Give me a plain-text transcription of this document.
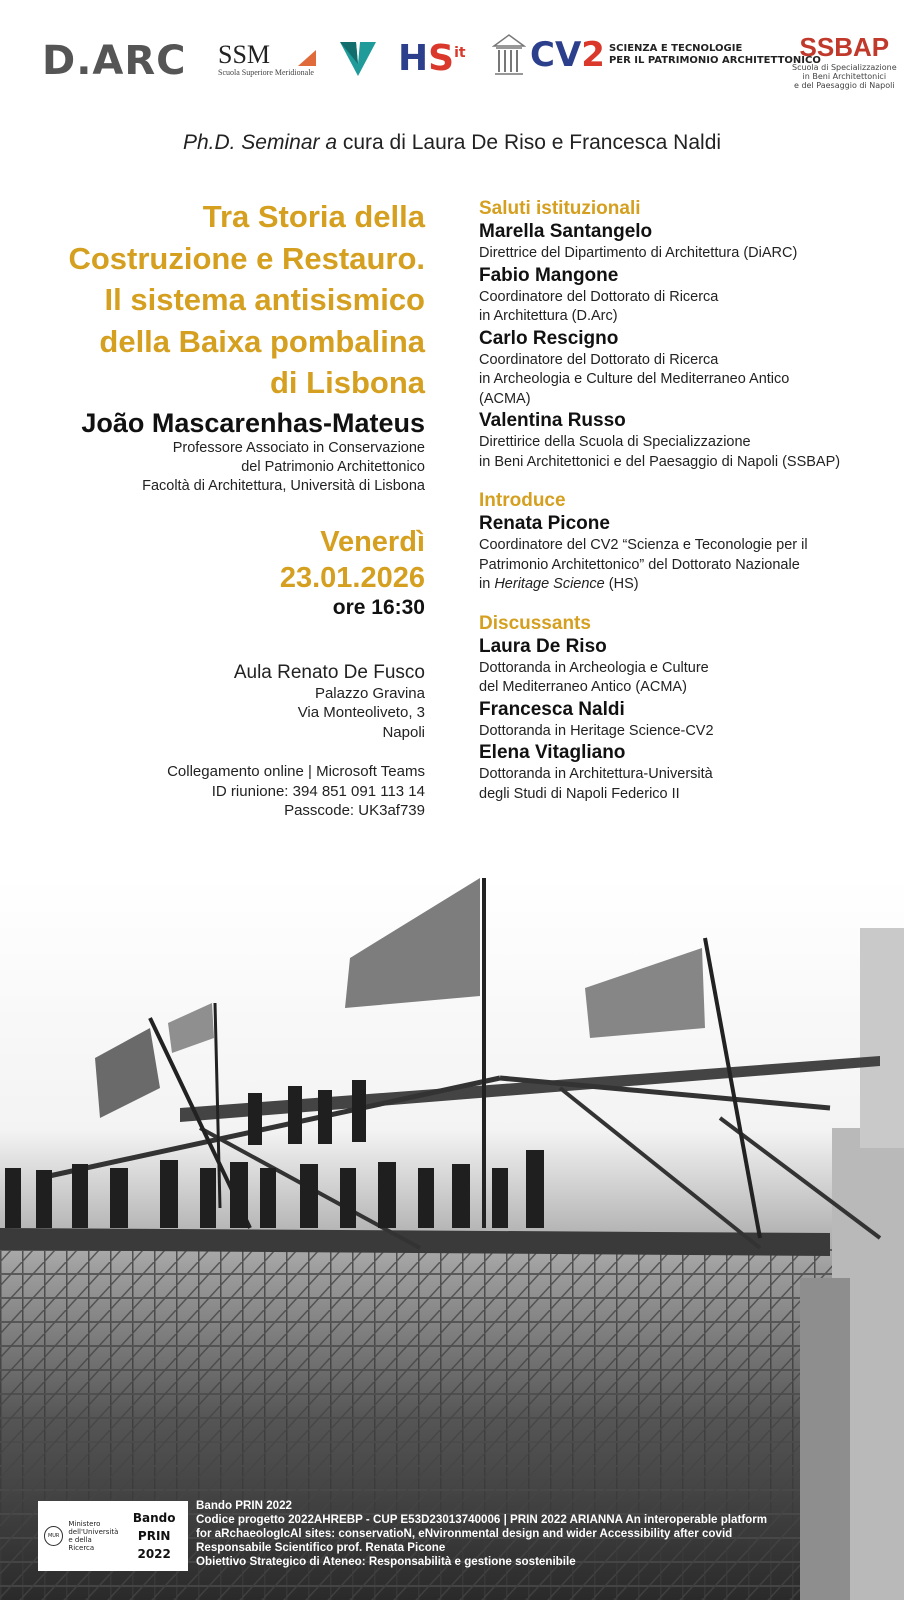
D.ARC SSM
Scuola Superiore Meridionale $HS^{it}$ CV2 SCIENZA E TECNOLOGIE
PER IL PATRIMONIO ARCHITETTONICO
SSBAP
Scuola di Specializzazione
in Beni Architettonici
e del Paesaggio di Napoli
Ph.D. Seminar a cura di Laura De Riso e Francesca Naldi
Tra Storia della
Costruzione e Restauro.
Il sistema antisismico
della Baixa pombalina
di Lisbona
João Mascarenhas-Mateus
Professore Associato in Conservazione
del Patrimonio Architettonico
Facoltà di Architettura, Università di Lisbona
Venerdì
23.01.2026
ore 16:30
Aula Renato De Fusco
Palazzo Gravina
Via Monteoliveto, 3
Napoli
Collegamento online | Microsoft Teams
ID riunione: 394 851 091 113 14
Passcode: UK3af739
Saluti istituzionali
Marella Santangelo
Direttrice del Dipartimento di Architettura (DiARC)
Fabio Mangone
Coordinatore del Dottorato di Ricerca
in Architettura (D.Arc)
Carlo Rescigno
Coordinatore del Dottorato di Ricerca
in Archeologia e Culture del Mediterraneo Antico
(ACMA)
Valentina Russo
Direttirice della Scuola di Specializzazione
in Beni Architettonici e del Paesaggio di Napoli (SSBAP)
Introduce
Renata Picone
Coordinatore del CV2 “Scienza e Teconologie per il
Patrimonio Architettonico” del Dottorato Nazionale
in Heritage Science (HS)
Discussants
Laura De Riso
Dottoranda in Archeologia e Culture
del Mediterraneo Antico (ACMA)
Francesca Naldi
Dottoranda in Heritage Science-CV2
Elena Vitagliano
Dottoranda in Architettura-Università
degli Studi di Napoli Federico II
MUR
Ministero dell'Università e della Ricerca
Bando
PRIN 2022
Bando PRIN 2022
Codice progetto 2022AHREBP - CUP E53D23013740006 | PRIN 2022 ARIANNA An interoperable platform
for aRchaeologIcAl sites: conservatioN, eNvironmental design and wider Accessibility after covid
Responsabile Scientifico prof. Renata Picone
Obiettivo Strategico di Ateneo: Responsabilità e gestione sostenibile
